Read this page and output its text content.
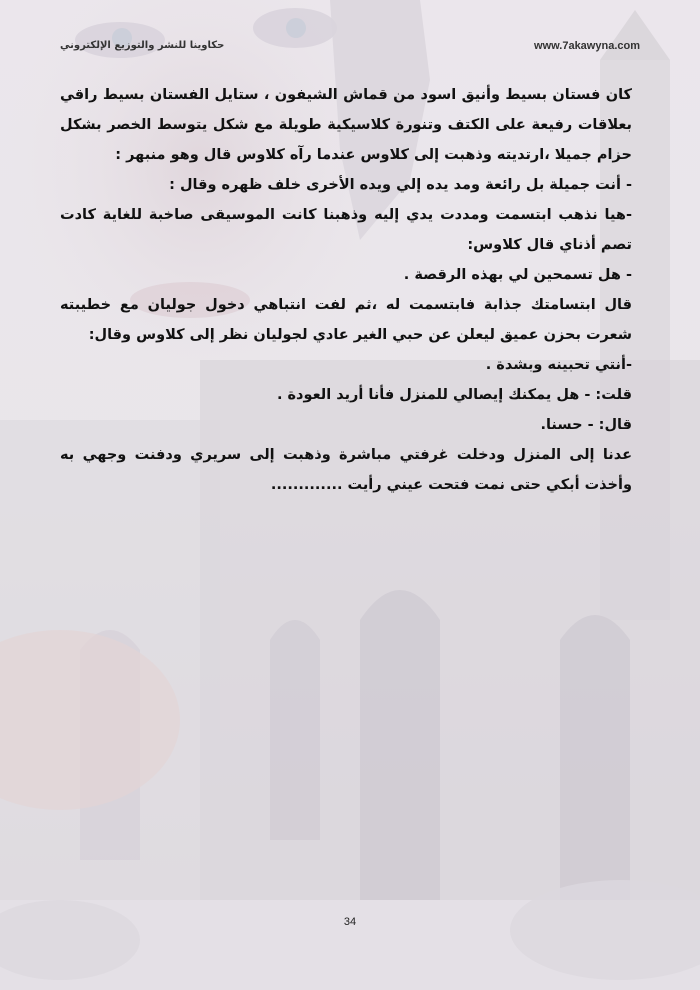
حكاوينا للنشر والتوزيع الإلكتروني	www.7akawyna.com

كان فستان بسيط وأنيق اسود من قماش الشيفون ، ستايل الفستان بسيط راقي بعلاقات رفيعة على الكتف وتنورة كلاسيكية طويلة مع شكل يتوسط الخصر بشكل حزام جميلا ،ارتديته وذهبت إلى كلاوس عندما رآه كلاوس قال وهو منبهر :

- أنت جميلة بل رائعة ومد يده إلي ويده الأخرى خلف ظهره وقال :

-هيا نذهب ابتسمت ومددت يدي إليه وذهبنا كانت الموسيقى صاخبة للغاية كادت تصم أذناي قال كلاوس:

- هل تسمحين لي بهذه الرقصة .

قال ابتسامتك جذابة فابتسمت له ،ثم لفت انتباهي دخول جوليان مع خطيبته شعرت بحزن عميق ليعلن عن حبي الغير عادي لجوليان نظر إلى كلاوس وقال:

-أنتي تحبينه وبشدة .

قلت: - هل يمكنك إيصالي للمنزل فأنا أريد العودة .

قال: - حسنا.

عدنا إلى المنزل ودخلت غرفتي مباشرة وذهبت إلى سريري ودفنت وجهي به وأخذت أبكي حتى نمت فتحت عيني رأيت .............

34
